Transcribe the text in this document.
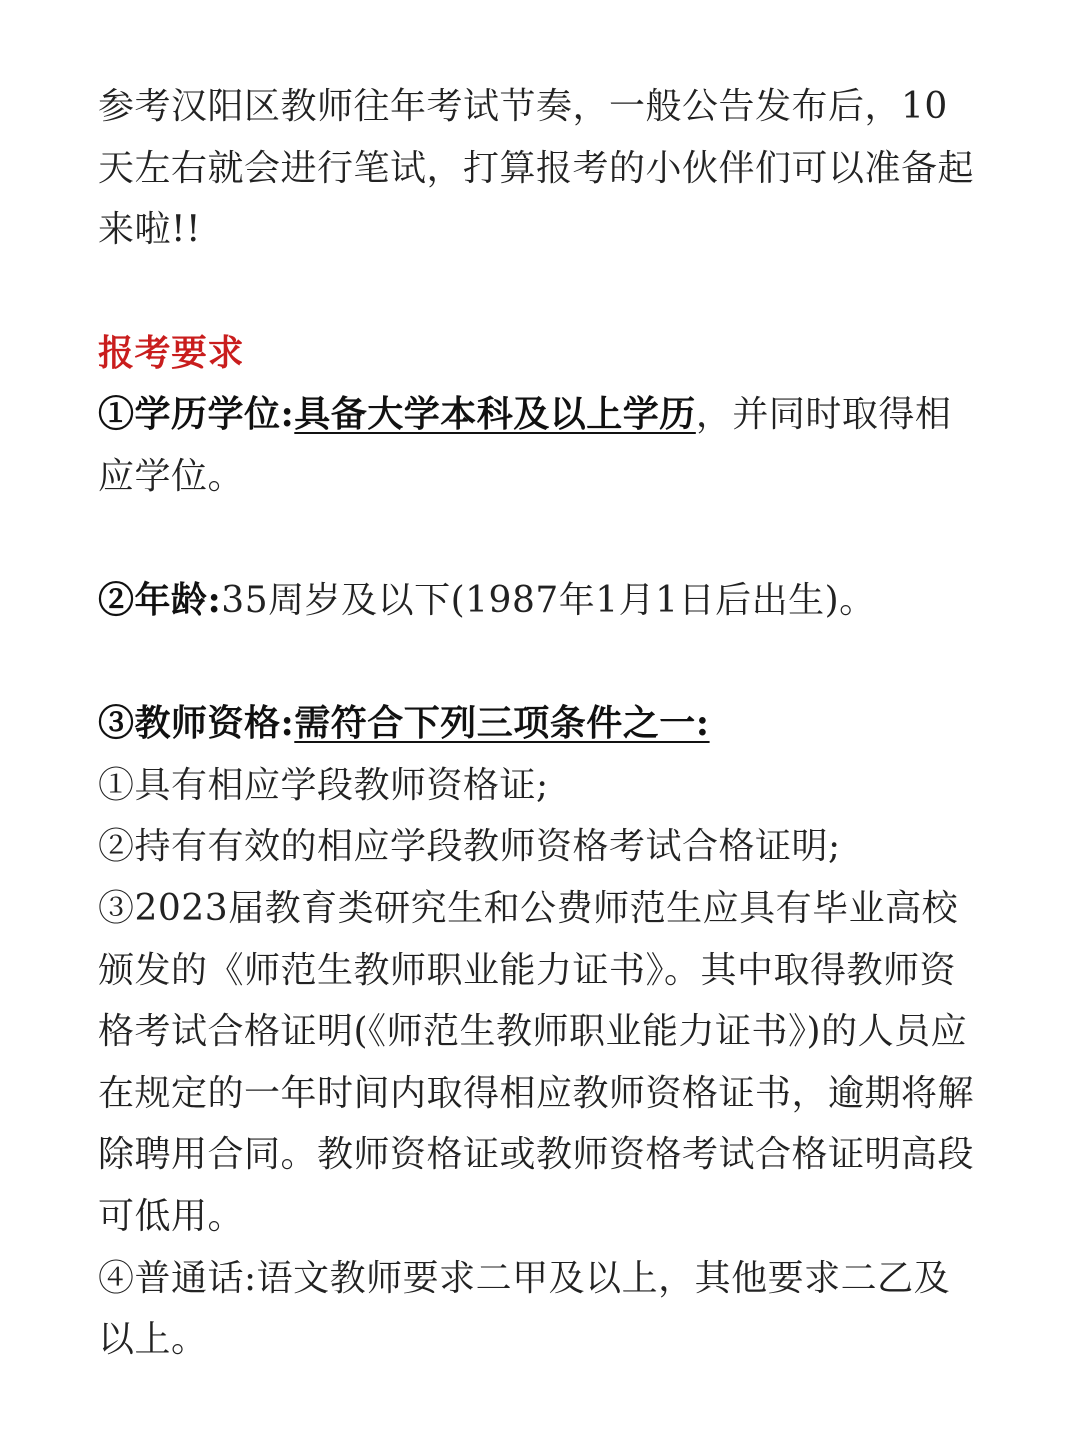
参考汉阳区教师往年考试节奏，一般公告发布后，10天左右就会进行笔试，打算报考的小伙伴们可以准备起来啦!!

报考要求

①学历学位:具备大学本科及以上学历，并同时取得相应学位。

②年龄:35周岁及以下(1987年1月1日后出生)。

③教师资格:需符合下列三项条件之一:

①具有相应学段教师资格证;

②持有有效的相应学段教师资格考试合格证明;

③2023届教育类研究生和公费师范生应具有毕业高校颁发的《师范生教师职业能力证书》。其中取得教师资格考试合格证明(《师范生教师职业能力证书》)的人员应在规定的一年时间内取得相应教师资格证书，逾期将解除聘用合同。教师资格证或教师资格考试合格证明高段可低用。

④普通话:语文教师要求二甲及以上，其他要求二乙及以上。
